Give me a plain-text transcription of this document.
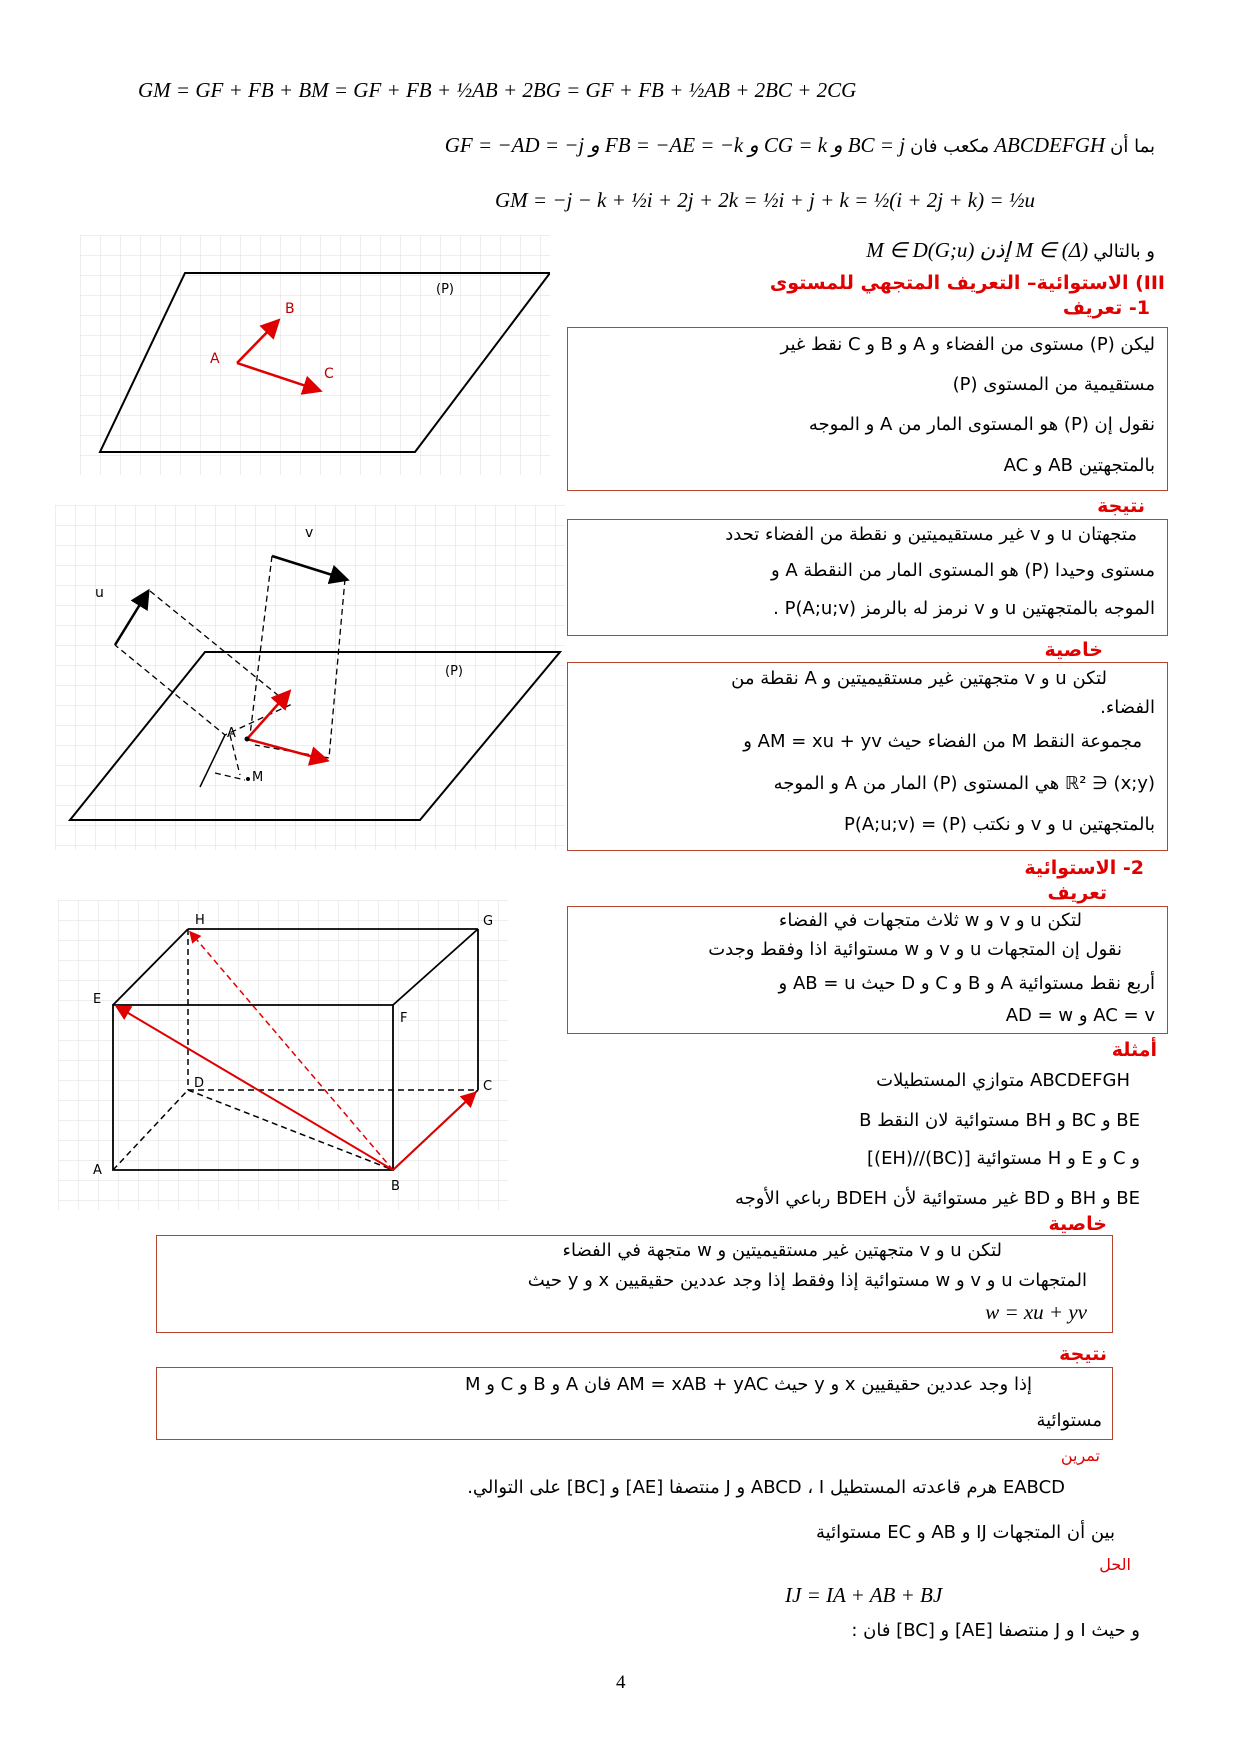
GM = GF + FB + BM = GF + FB + ½AB + 2BG = GF + FB + ½AB + 2BC + 2CG
بما أن ABCDEFGH مكعب فان GF = −AD = −j و FB = −AE = −k و CG = k و BC = j
GM = −j − k + ½i + 2j + 2k = ½i + j + k = ½(i + 2j + k) = ½u
و بالتالي M ∈ D(G;u) إذن M ∈ (Δ)
III) الاستوائية– التعريف المتجهي للمستوى
1- تعريف
(P)
A
B
C
ليكن (P) مستوى من الفضاء و A و B و C نقط غير
مستقيمية من المستوى (P)
نقول إن (P) هو المستوى المار من A و الموجه
بالمتجهتين AB و AC
نتيجة
(P)
A
M
u
v	متجهتان u و v غير مستقيميتين و نقطة من الفضاء تحدد
مستوى وحيدا (P) هو المستوى المار من النقطة A و
الموجه بالمتجهتين u و v نرمز له بالرمز P(A;u;v) .
خاصية
لتكن u و v متجهتين غير مستقيميتين و A نقطة من
الفضاء.
مجموعة النقط M من الفضاء حيث AM = xu + yv و
(x;y) ∈ ℝ² هي المستوى (P) المار من A و الموجه
بالمتجهتين u و v و نكتب (P) = P(A;u;v)
2- الاستوائية
تعريف
A
B
C
D
E
F
G
H	لتكن u و v و w ثلاث متجهات في الفضاء
نقول إن المتجهات u و v و w مستوائية اذا وفقط وجدت
أربع نقط مستوائية A و B و C و D حيث AB = u و
AC = v و AD = w
أمثلة
ABCDEFGH متوازي المستطيلات
BE و BC و BH مستوائية لان النقط B
و C و E و H مستوائية [(BC)//(EH)]
BE و BH و BD غير مستوائية لأن BDEH رباعي الأوجه
خاصية
لتكن u و v متجهتين غير مستقيميتين و w متجهة في الفضاء
المتجهات u و v و w مستوائية إذا وفقط إذا وجد عددين حقيقيين x و y حيث
w = xu + yv
نتيجة
إذا وجد عددين حقيقيين x و y حيث AM = xAB + yAC فان A و B و C و M
مستوائية
تمرين
EABCD هرم قاعدته المستطيل ABCD ، I و J منتصفا [AE] و [BC] على التوالي.
بين أن المتجهات IJ و AB و EC مستوائية
الحل
IJ = IA + AB + BJ
و حيث I و J منتصفا [AE] و [BC] فان :
4
